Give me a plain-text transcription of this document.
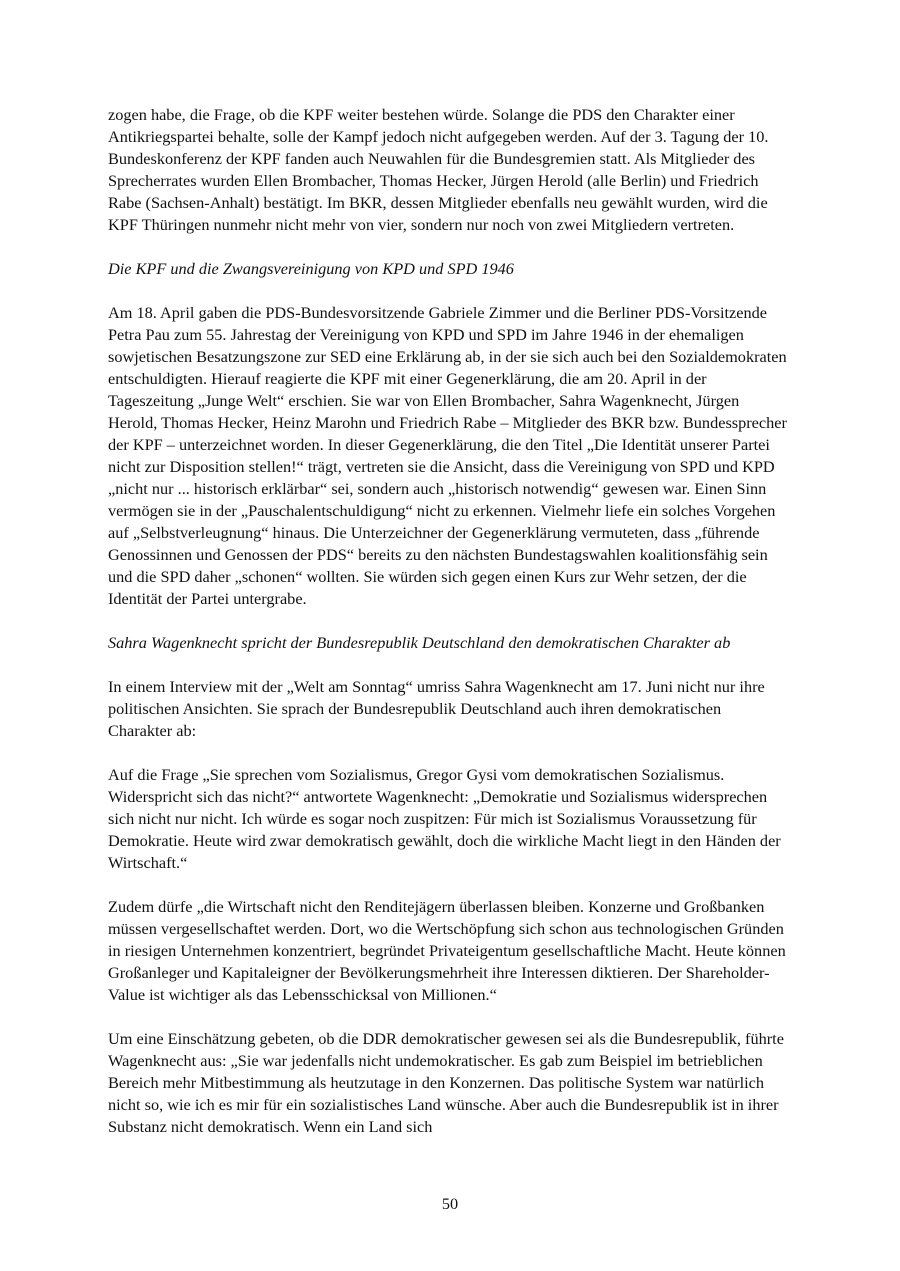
zogen habe, die Frage, ob die KPF weiter bestehen würde. Solange die PDS den Charakter einer Antikriegspartei behalte, solle der Kampf jedoch nicht aufgegeben werden. Auf der 3. Tagung der 10. Bundeskonferenz der KPF fanden auch Neuwahlen für die Bundesgremien statt. Als Mitglieder des Sprecherrates wurden Ellen Brombacher, Thomas Hecker, Jürgen Herold (alle Berlin) und Friedrich Rabe (Sachsen-Anhalt) bestätigt. Im BKR, dessen Mitglieder ebenfalls neu gewählt wurden, wird die KPF Thüringen nunmehr nicht mehr von vier, sondern nur noch von zwei Mitgliedern vertreten.

Die KPF und die Zwangsvereinigung von KPD und SPD 1946

Am 18. April gaben die PDS-Bundesvorsitzende Gabriele Zimmer und die Berliner PDS-Vorsitzende Petra Pau zum 55. Jahrestag der Vereinigung von KPD und SPD im Jahre 1946 in der ehemaligen sowjetischen Besatzungszone zur SED eine Erklärung ab, in der sie sich auch bei den Sozialdemokraten entschuldigten. Hierauf reagierte die KPF mit einer Gegenerklärung, die am 20. April in der Tageszeitung „Junge Welt“ erschien. Sie war von Ellen Brombacher, Sahra Wagenknecht, Jürgen Herold, Thomas Hecker, Heinz Marohn und Friedrich Rabe – Mitglieder des BKR bzw. Bundessprecher der KPF – unterzeichnet worden. In dieser Gegenerklärung, die den Titel „Die Identität unserer Partei nicht zur Disposition stellen!“ trägt, vertreten sie die Ansicht, dass die Vereinigung von SPD und KPD „nicht nur ... historisch erklärbar“ sei, sondern auch „historisch notwendig“ gewesen war. Einen Sinn vermögen sie in der „Pauschalentschuldigung“ nicht zu erkennen. Vielmehr liefe ein solches Vorgehen auf „Selbstverleugnung“ hinaus. Die Unterzeichner der Gegenerklärung vermuteten, dass „führende Genossinnen und Genossen der PDS“ bereits zu den nächsten Bundestagswahlen koalitionsfähig sein und die SPD daher „schonen“ wollten. Sie würden sich gegen einen Kurs zur Wehr setzen, der die Identität der Partei untergrabe.

Sahra Wagenknecht spricht der Bundesrepublik Deutschland den demokratischen Charakter ab

In einem Interview mit der „Welt am Sonntag“ umriss Sahra Wagenknecht am 17. Juni nicht nur ihre politischen Ansichten. Sie sprach der Bundesrepublik Deutschland auch ihren demokratischen Charakter ab:

Auf die Frage „Sie sprechen vom Sozialismus, Gregor Gysi vom demokratischen Sozialismus. Widerspricht sich das nicht?“ antwortete Wagenknecht: „Demokratie und Sozialismus widersprechen sich nicht nur nicht. Ich würde es sogar noch zuspitzen: Für mich ist Sozialismus Voraussetzung für Demokratie. Heute wird zwar demokratisch gewählt, doch die wirkliche Macht liegt in den Händen der Wirtschaft.“

Zudem dürfe „die Wirtschaft nicht den Renditejägern überlassen bleiben. Konzerne und Großbanken müssen vergesellschaftet werden. Dort, wo die Wertschöpfung sich schon aus technologischen Gründen in riesigen Unternehmen konzentriert, begründet Privateigentum gesellschaftliche Macht. Heute können Großanleger und Kapitaleigner der Bevölkerungsmehrheit ihre Interessen diktieren. Der Shareholder-Value ist wichtiger als das Lebensschicksal von Millionen.“

Um eine Einschätzung gebeten, ob die DDR demokratischer gewesen sei als die Bundesrepublik, führte Wagenknecht aus: „Sie war jedenfalls nicht undemokratischer. Es gab zum Beispiel im betrieblichen Bereich mehr Mitbestimmung als heutzutage in den Konzernen. Das politische System war natürlich nicht so, wie ich es mir für ein sozialistisches Land wünsche. Aber auch die Bundesrepublik ist in ihrer Substanz nicht demokratisch. Wenn ein Land sich

50
